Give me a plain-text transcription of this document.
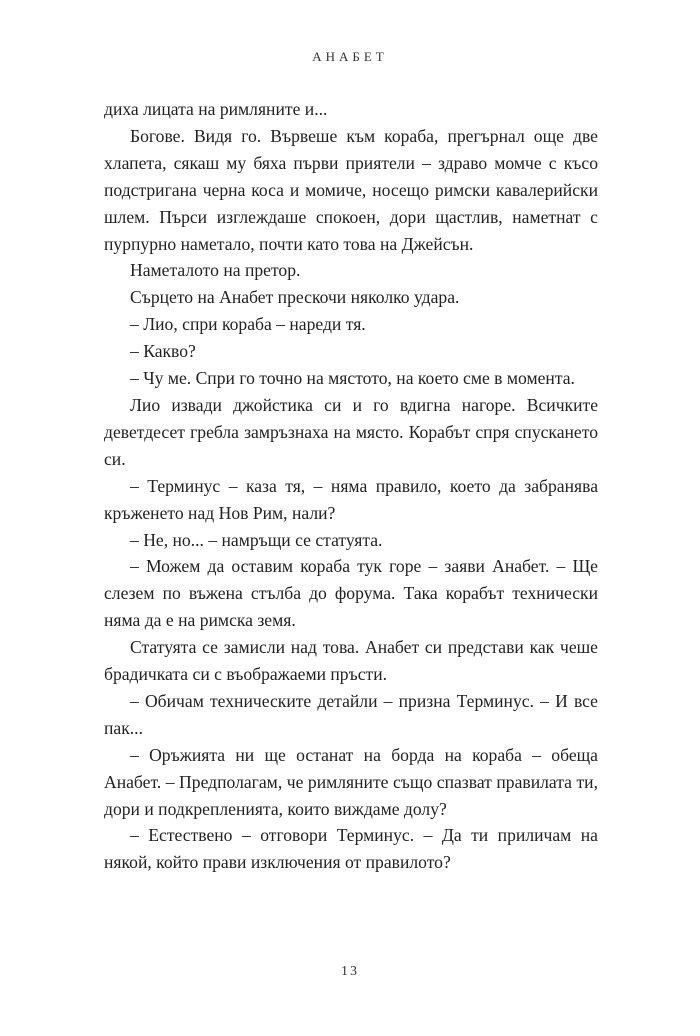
АНАБЕТ

диха лицата на римляните и...

Богове. Видя го. Вървеше към кораба, прегърнал още две хлапета, сякаш му бяха първи приятели – здраво момче с късо подстригана черна коса и момиче, носещо римски кавалерийски шлем. Пърси изглеждаше спокоен, дори щастлив, наметнат с пурпурно наметало, почти като това на Джейсън.

Наметалото на претор.

Сърцето на Анабет прескочи няколко удара.

– Лио, спри кораба – нареди тя.

– Какво?

– Чу ме. Спри го точно на мястото, на което сме в момента.

Лио извади джойстика си и го вдигна нагоре. Всичките деветдесет гребла замръзнаха на място. Корабът спря спускането си.

– Терминус – каза тя, – няма правило, което да забранява кръженето над Нов Рим, нали?

– Не, но... – намръщи се статуята.

– Можем да оставим кораба тук горе – заяви Анабет. – Ще слезем по въжена стълба до форума. Така корабът технически няма да е на римска земя.

Статуята се замисли над това. Анабет си представи как чеше брадичката си с въображаеми пръсти.

– Обичам техническите детайли – призна Терминус. – И все пак...

– Оръжията ни ще останат на борда на кораба – обеща Анабет. – Предполагам, че римляните също спазват правилата ти, дори и подкрепленията, които виждаме долу?

– Естествено – отговори Терминус. – Да ти приличам на някой, който прави изключения от правилото?

13
